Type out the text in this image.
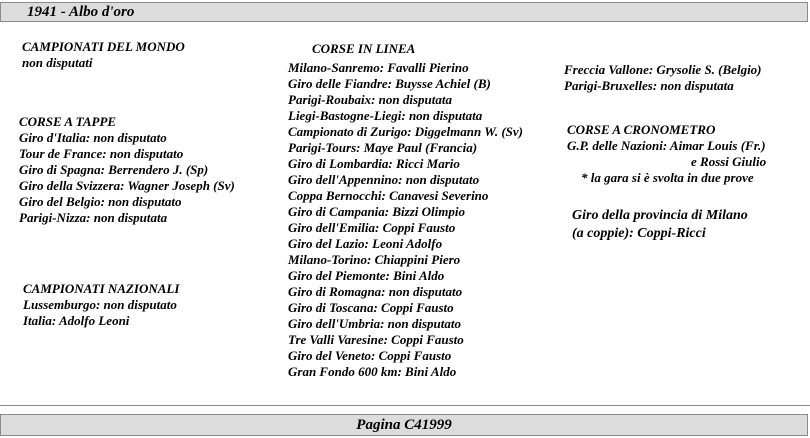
1941 - Albo d'oro
CAMPIONATI DEL MONDO
non disputati
CORSE A TAPPE
Giro d'Italia: non disputato
Tour de France: non disputato
Giro di Spagna: Berrendero J. (Sp)
Giro della Svizzera: Wagner Joseph (Sv)
Giro del Belgio: non disputato
Parigi-Nizza: non disputata
CAMPIONATI NAZIONALI
Lussemburgo: non disputato
Italia: Adolfo Leoni
CORSE IN LINEA
Milano-Sanremo: Favalli Pierino
Giro delle Fiandre: Buysse Achiel (B)
Parigi-Roubaix: non disputata
Liegi-Bastogne-Liegi: non disputata
Campionato di Zurigo: Diggelmann W. (Sv)
Parigi-Tours: Maye Paul (Francia)
Giro di Lombardia: Ricci Mario
Giro dell'Appennino: non disputato
Coppa Bernocchi: Canavesi Severino
Giro di Campania: Bizzi Olimpio
Giro dell'Emilia: Coppi Fausto
Giro del Lazio: Leoni Adolfo
Milano-Torino: Chiappini Piero
Giro del Piemonte: Bini Aldo
Giro di Romagna: non disputato
Giro di Toscana: Coppi Fausto
Giro dell'Umbria: non disputato
Tre Valli Varesine: Coppi Fausto
Giro del Veneto: Coppi Fausto
Gran Fondo 600 km: Bini Aldo
Freccia Vallone: Grysolie S. (Belgio)
Parigi-Bruxelles: non disputata
CORSE A CRONOMETRO
G.P. delle Nazioni: Aimar Louis (Fr.)
e Rossi Giulio
* la gara si è svolta in due prove
Giro della provincia di Milano
(a coppie): Coppi-Ricci
Pagina C41999
